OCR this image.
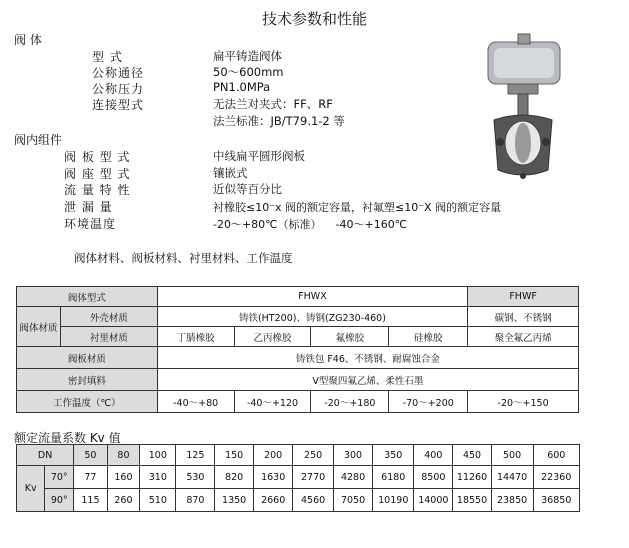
技术参数和性能
阀 体
型 式	扁平铸造阀体
公称通径	50～600mm
公称压力	PN1.0MPa
连接型式	无法兰对夹式：FF、RF
法兰标准：JB/T79.1-2 等
阀内组件
阀 板 型 式	中线扁平圆形阀板
阀 座 型 式	镶嵌式
流 量 特 性	近似等百分比
泄 漏 量	衬橡胶≤10⁻x 阀的额定容量，衬氟塑≤10⁻X 阀的额定容量
环境温度	-20～+80℃（标准）    -40～+160℃
阀体材料、阀板材料、衬里材料、工作温度
阀体型式		FHWX				FHWF
阀体材质	外壳材质	铸铁(HT200)、铸钢(ZG230-460)				碳钢、不锈钢
	衬里材质	丁腈橡胶	乙丙橡胶	氟橡胶	硅橡胶	聚全氟乙丙烯
阀板材质		铸铁包 F46、不锈钢、耐腐蚀合金				
密封填料		V型聚四氟乙烯、柔性石墨				
工作温度（℃）		-40～+80	-40～+120	-20～+180	-70～+200	-20～+150
额定流量系数 Kv 值
DN		50	80	100	125	150	200	250	300	350	400	450	500	600
Kv	70°	77	160	310	530	820	1630	2770	4280	6180	8500	11260	14470	22360
	90°	115	260	510	870	1350	2660	4560	7050	10190	14000	18550	23850	36850
